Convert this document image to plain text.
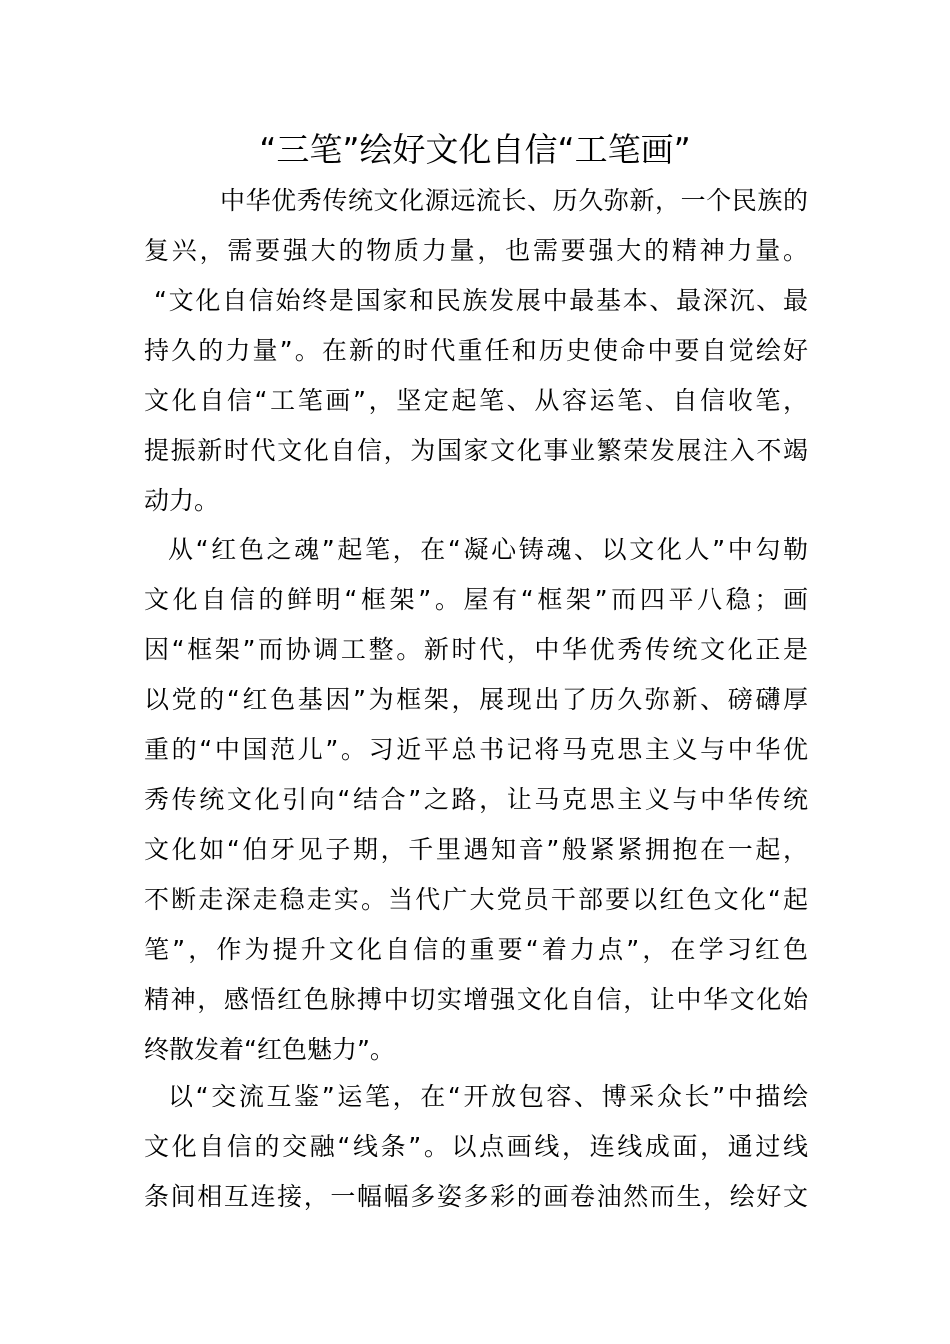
“三笔”绘好文化自信“工笔画”
中华优秀传统文化源远流长、历久弥新，一个民族的
复兴，需要强大的物质力量，也需要强大的精神力量。
“文化自信始终是国家和民族发展中最基本、最深沉、最
持久的力量”。在新的时代重任和历史使命中要自觉绘好
文化自信“工笔画”，坚定起笔、从容运笔、自信收笔，
提振新时代文化自信，为国家文化事业繁荣发展注入不竭
动力。
从“红色之魂”起笔，在“凝心铸魂、以文化人”中勾勒
文化自信的鲜明“框架”。屋有“框架”而四平八稳；画
因“框架”而协调工整。新时代，中华优秀传统文化正是
以党的“红色基因”为框架，展现出了历久弥新、磅礴厚
重的“中国范儿”。习近平总书记将马克思主义与中华优
秀传统文化引向“结合”之路，让马克思主义与中华传统
文化如“伯牙见子期，千里遇知音”般紧紧拥抱在一起，
不断走深走稳走实。当代广大党员干部要以红色文化“起
笔”，作为提升文化自信的重要“着力点”，在学习红色
精神，感悟红色脉搏中切实增强文化自信，让中华文化始
终散发着“红色魅力”。
以“交流互鉴”运笔，在“开放包容、博采众长”中描绘
文化自信的交融“线条”。以点画线，连线成面，通过线
条间相互连接，一幅幅多姿多彩的画卷油然而生，绘好文
